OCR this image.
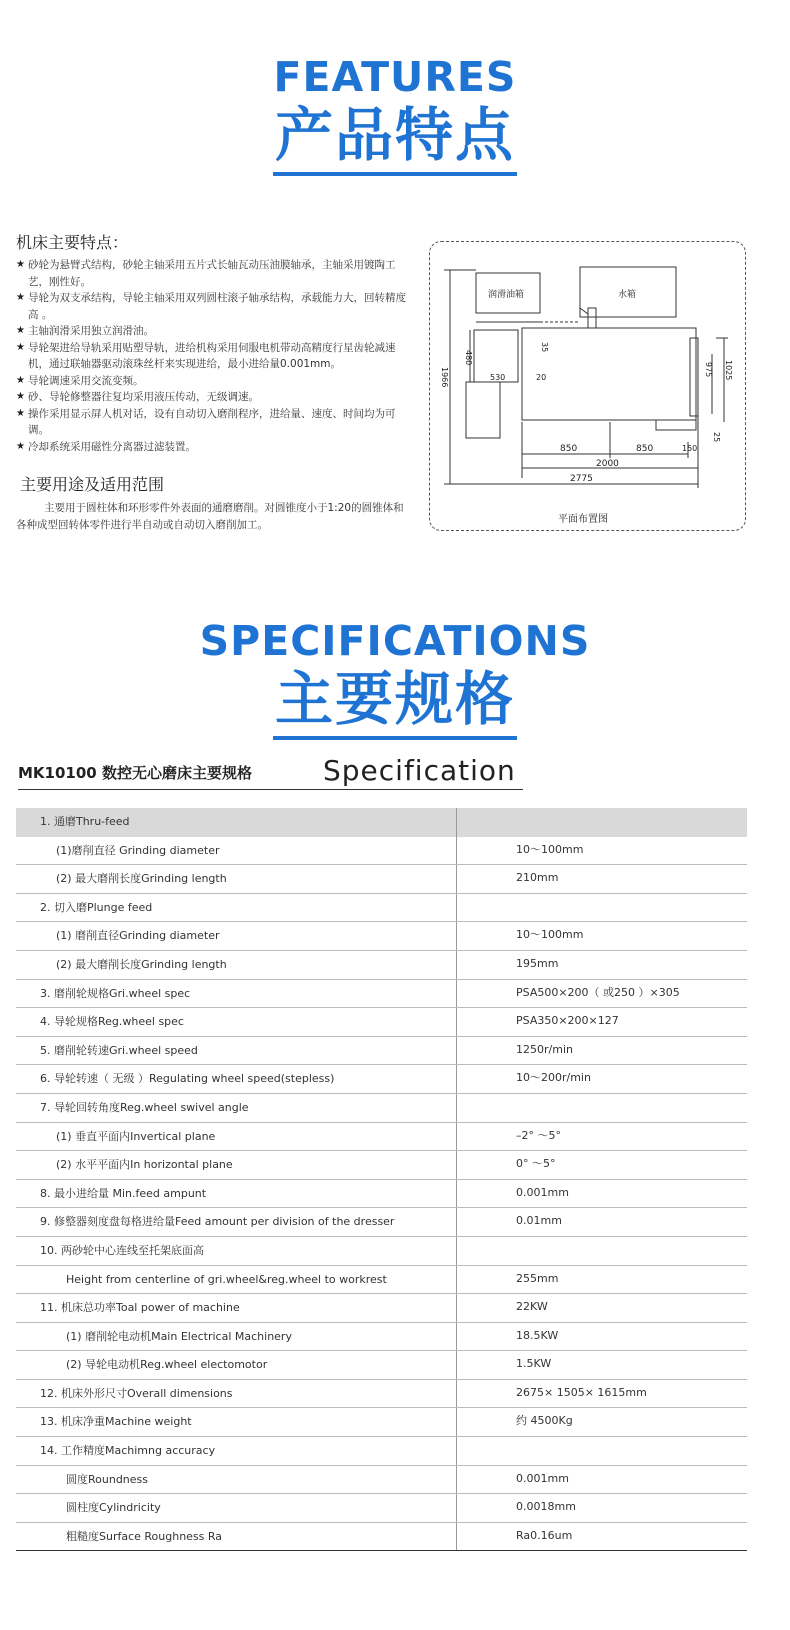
FEATURES
产品特点
机床主要特点：
★ 砂轮为悬臂式结构，砂轮主轴采用五片式长轴瓦动压油膜轴承，主轴采用镀陶工艺，刚性好。
★ 导轮为双支承结构，导轮主轴采用双列圆柱滚子轴承结构，承载能力大，回转精度高 。
★ 主轴润滑采用独立润滑油。
★ 导轮架进给导轨采用贴塑导轨，进给机构采用伺服电机带动高精度行星齿轮减速机，通过联轴器驱动滚珠丝杆来实现进给，最小进给量0.001mm。
★ 导轮调速采用交流变频。
★ 砂、导轮修整器往复均采用液压传动，无级调速。
★ 操作采用显示屏人机对话，设有自动切入磨削程序，进给量、速度、时间均为可调。
★ 冷却系统采用磁性分离器过滤装置。
主要用途及适用范围
主要用于圆柱体和环形零件外表面的通磨磨削。对圆锥度小于1:20的圆锥体和各种成型回转体零件进行半自动或自动切入磨削加工。
润滑油箱	水箱
1966
480
35
530	20
975 1025
25
850	850	150
2000
2775
平面布置图
SPECIFICATIONS
主要规格
MK10100 数控无心磨床主要规格	Specification
1. 通磨Thru-feed
(1)磨削直径 Grinding diameter	10～100mm
(2) 最大磨削长度Grinding length	210mm
2. 切入磨Plunge feed
(1) 磨削直径Grinding diameter	10～100mm
(2) 最大磨削长度Grinding length	195mm
3. 磨削轮规格Gri.wheel spec	PSA500×200（ 或250 ）×305
4. 导轮规格Reg.wheel spec	PSA350×200×127
5. 磨削轮转速Gri.wheel speed	1250r/min
6. 导轮转速（ 无级 ）Regulating wheel speed(stepless)	10～200r/min
7. 导轮回转角度Reg.wheel swivel angle
(1) 垂直平面内Invertical plane	–2° ～5°
(2) 水平平面内In horizontal plane	0° ～5°
8. 最小进给量 Min.feed ampunt	0.001mm
9. 修整器刻度盘每格进给量Feed amount per division of the dresser	0.01mm
10. 两砂轮中心连线至托架底面高
Height from centerline of gri.wheel&reg.wheel to workrest	255mm
11. 机床总功率Toal power of machine	22KW
(1) 磨削轮电动机Main Electrical Machinery	18.5KW
(2) 导轮电动机Reg.wheel electomotor	1.5KW
12. 机床外形尺寸Overall dimensions	2675× 1505× 1615mm
13. 机床净重Machine weight	约 4500Kg
14. 工作精度Machimng accuracy
圆度Roundness	0.001mm
圆柱度Cylindricity	0.0018mm
粗糙度Surface Roughness Ra	Ra0.16um
